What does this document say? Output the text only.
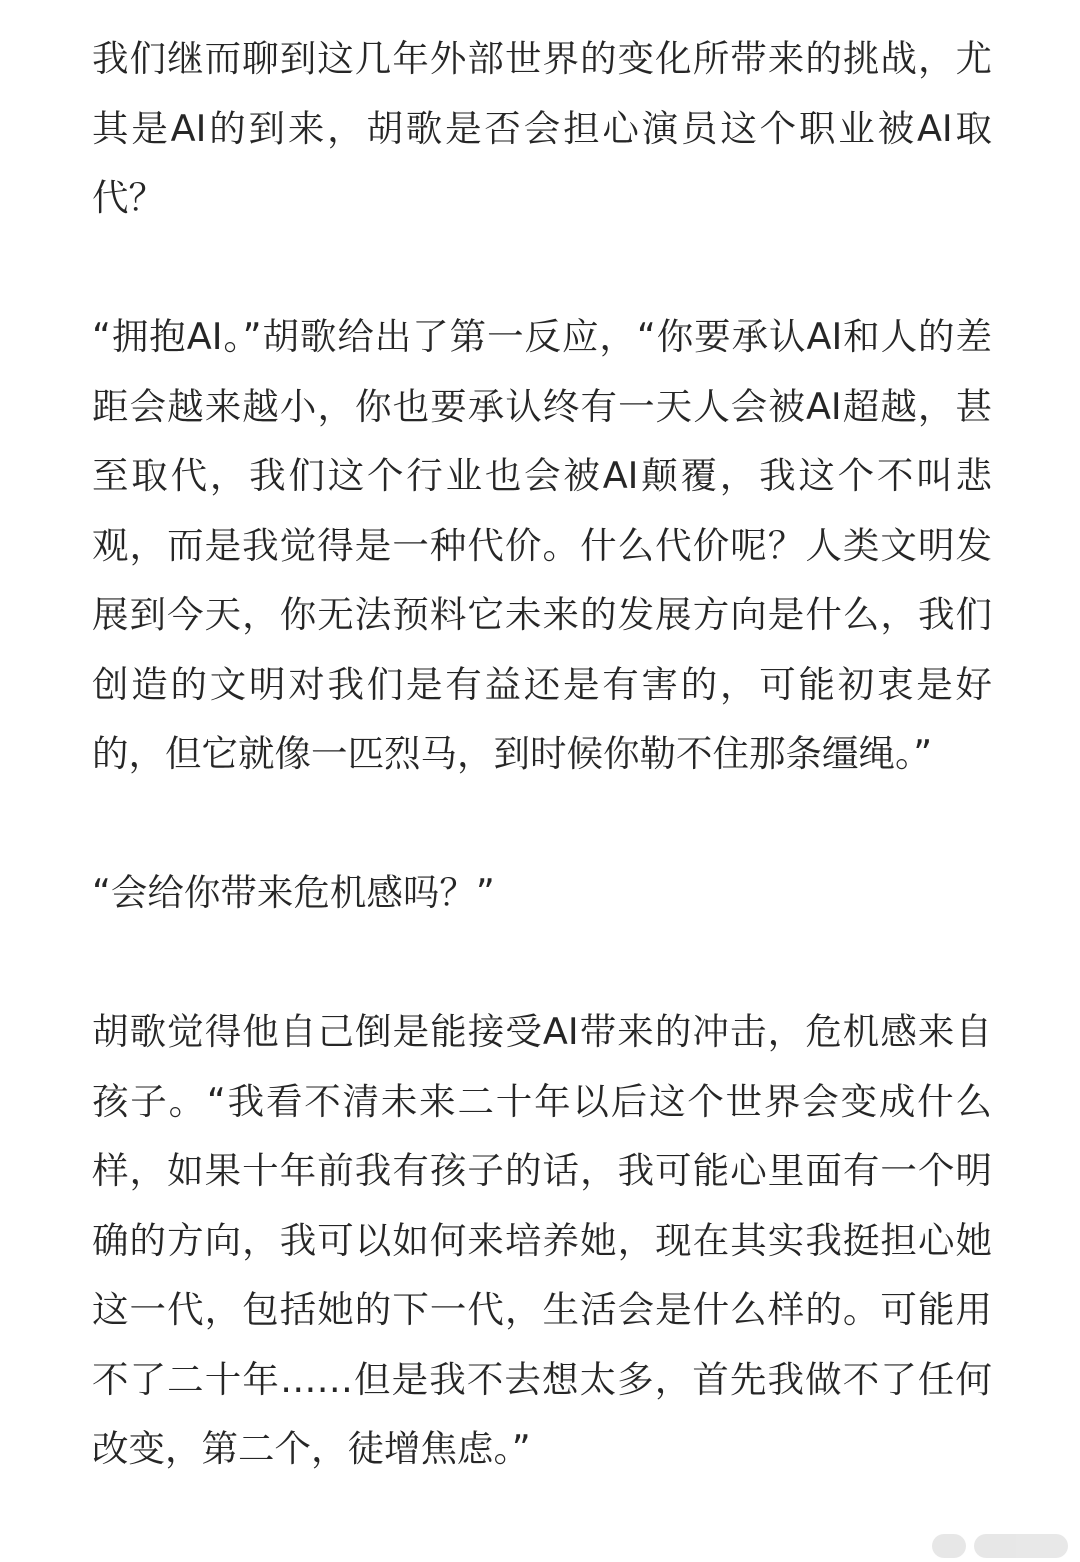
我们继而聊到这几年外部世界的变化所带来的挑战，尤其是AI的到来，胡歌是否会担心演员这个职业被AI取代？

“拥抱AI。”胡歌给出了第一反应，“你要承认AI和人的差距会越来越小，你也要承认终有一天人会被AI超越，甚至取代，我们这个行业也会被AI颠覆，我这个不叫悲观，而是我觉得是一种代价。什么代价呢？人类文明发展到今天，你无法预料它未来的发展方向是什么，我们创造的文明对我们是有益还是有害的，可能初衷是好的，但它就像一匹烈马，到时候你勒不住那条缰绳。”

“会给你带来危机感吗？”

胡歌觉得他自己倒是能接受AI带来的冲击，危机感来自孩子。“我看不清未来二十年以后这个世界会变成什么样，如果十年前我有孩子的话，我可能心里面有一个明确的方向，我可以如何来培养她，现在其实我挺担心她这一代，包括她的下一代，生活会是什么样的。可能用不了二十年……但是我不去想太多，首先我做不了任何改变，第二个，徒增焦虑。”
